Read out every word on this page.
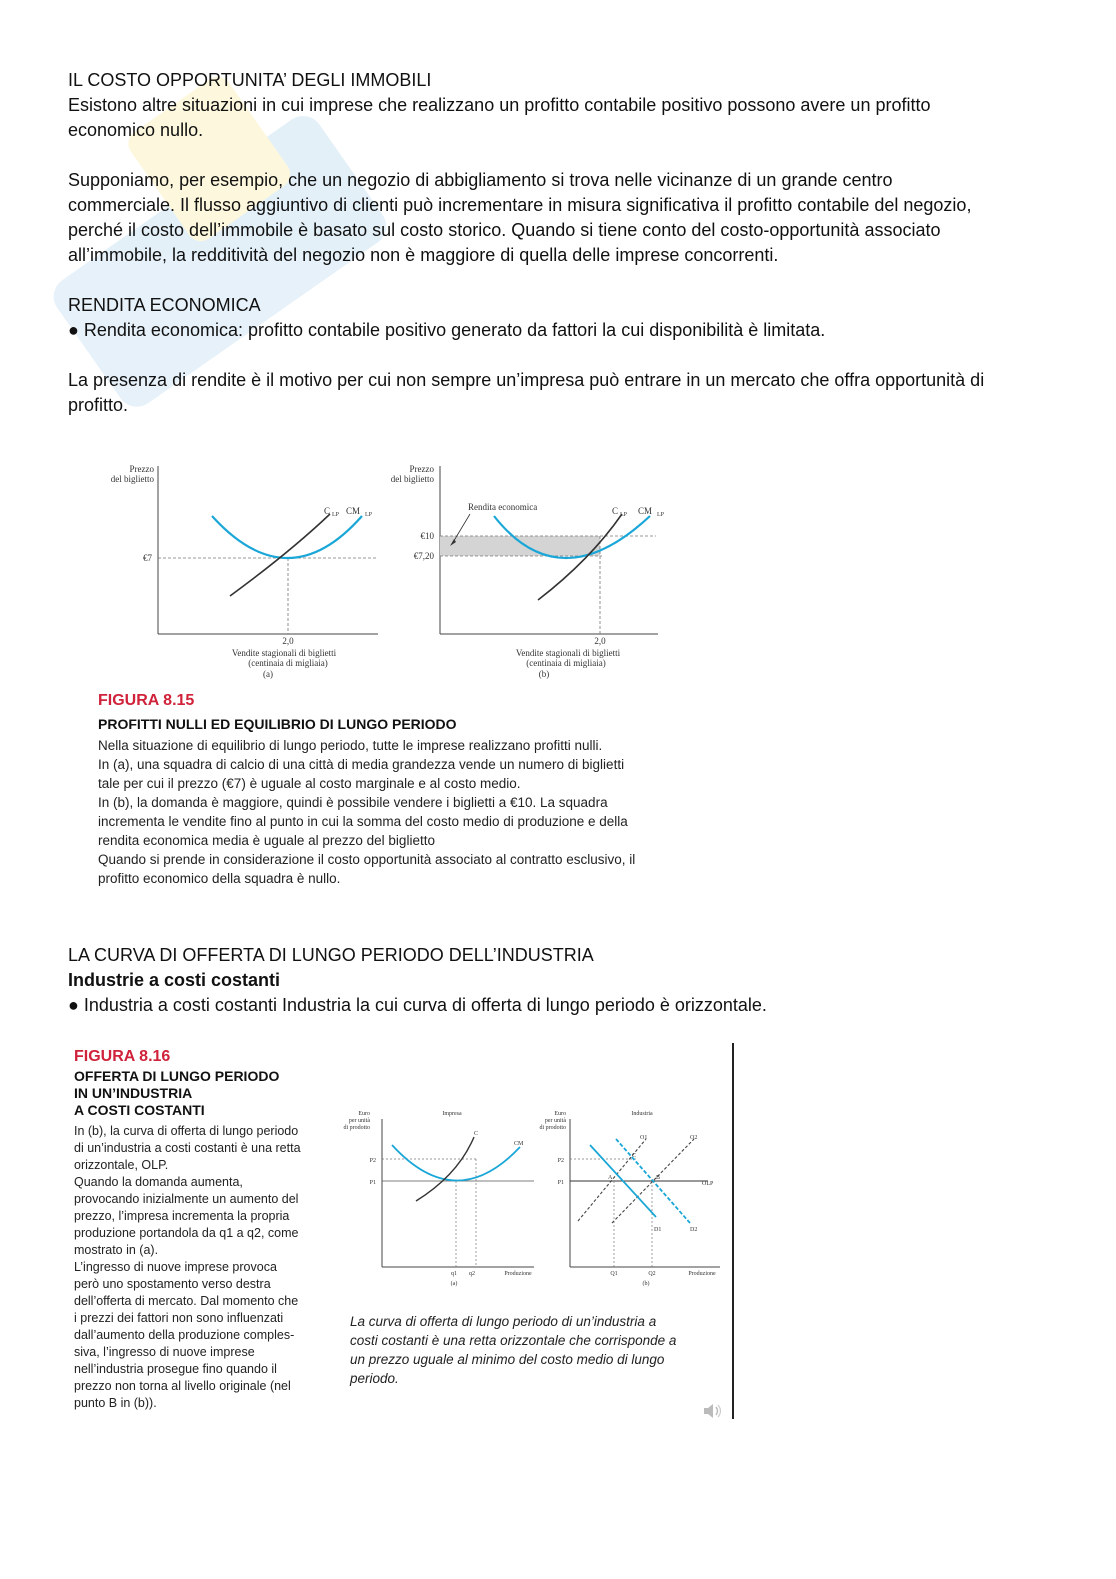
IL COSTO OPPORTUNITA’ DEGLI IMMOBILI

Esistono altre situazioni in cui imprese che realizzano un profitto contabile positivo possono avere un profitto

economico nullo.

Supponiamo, per esempio, che un negozio di abbigliamento si trova nelle vicinanze di un grande centro

commerciale. Il flusso aggiuntivo di clienti può incrementare in misura significativa il profitto contabile del negozio,

perché il costo dell’immobile è basato sul costo storico. Quando si tiene conto del costo-opportunità associato

all’immobile, la redditività del negozio non è maggiore di quella delle imprese concorrenti.

RENDITA ECONOMICA

● Rendita economica: profitto contabile positivo generato da fattori la cui disponibilità è limitata.

La presenza di rendite è il motivo per cui non sempre un’impresa può entrare in un mercato che offra opportunità di

profitto.

Prezzo
del biglietto
€7
C LP CM LP
2,0
Vendite stagionali di biglietti
(centinaia di migliaia)
(a)
Prezzo
del biglietto
Rendita economica
€10
€7,20
C LP CM LP
2,0
Vendite stagionali di biglietti
(centinaia di migliaia)
(b)
FIGURA 8.15
PROFITTI NULLI ED EQUILIBRIO DI LUNGO PERIODO
Nella situazione di equilibrio di lungo periodo, tutte le imprese realizzano profitti nulli.
In (a), una squadra di calcio di una città di media grandezza vende un numero di biglietti
tale per cui il prezzo (€7) è uguale al costo marginale e al costo medio.
In (b), la domanda è maggiore, quindi è possibile vendere i biglietti a €10. La squadra
incrementa le vendite fino al punto in cui la somma del costo medio di produzione e della
rendita economica media è uguale al prezzo del biglietto
Quando si prende in considerazione il costo opportunità associato al contratto esclusivo, il
profitto economico della squadra è nullo.

LA CURVA DI OFFERTA DI LUNGO PERIODO DELL’INDUSTRIA

Industrie a costi costanti

● Industria a costi costanti Industria la cui curva di offerta di lungo periodo è orizzontale.

FIGURA 8.16
OFFERTA DI LUNGO PERIODO
IN UN’INDUSTRIA
A COSTI COSTANTI
In (b), la curva di offerta di lungo periodo
di un’industria a costi costanti è una retta
orizzontale, OLP.
Quando la domanda aumenta,
provocando inizialmente un aumento del
prezzo, l’impresa incrementa la propria
produzione portandola da q1 a q2, come
mostrato in (a).
L’ingresso di nuove imprese provoca
però uno spostamento verso destra
dell’offerta di mercato. Dal momento che
i prezzi dei fattori non sono influenzati
dall’aumento della produzione comples-
siva, l’ingresso di nuove imprese
nell’industria prosegue fino quando il
prezzo non torna al livello originale (nel
punto B in (b)).
Euro
per unità
di prodotto
Impresa
P2
P1
C
CM
q1 q2	Produzione
(a)
Euro
per unità
di prodotto
Industria
P2
P1
O1	O2
OLP
D1	D2
A	B
C
Q1	Q2	Produzione
(b)
La curva di offerta di lungo periodo di un’industria a
costi costanti è una retta orizzontale che corrisponde a
un prezzo uguale al minimo del costo medio di lungo
periodo.
